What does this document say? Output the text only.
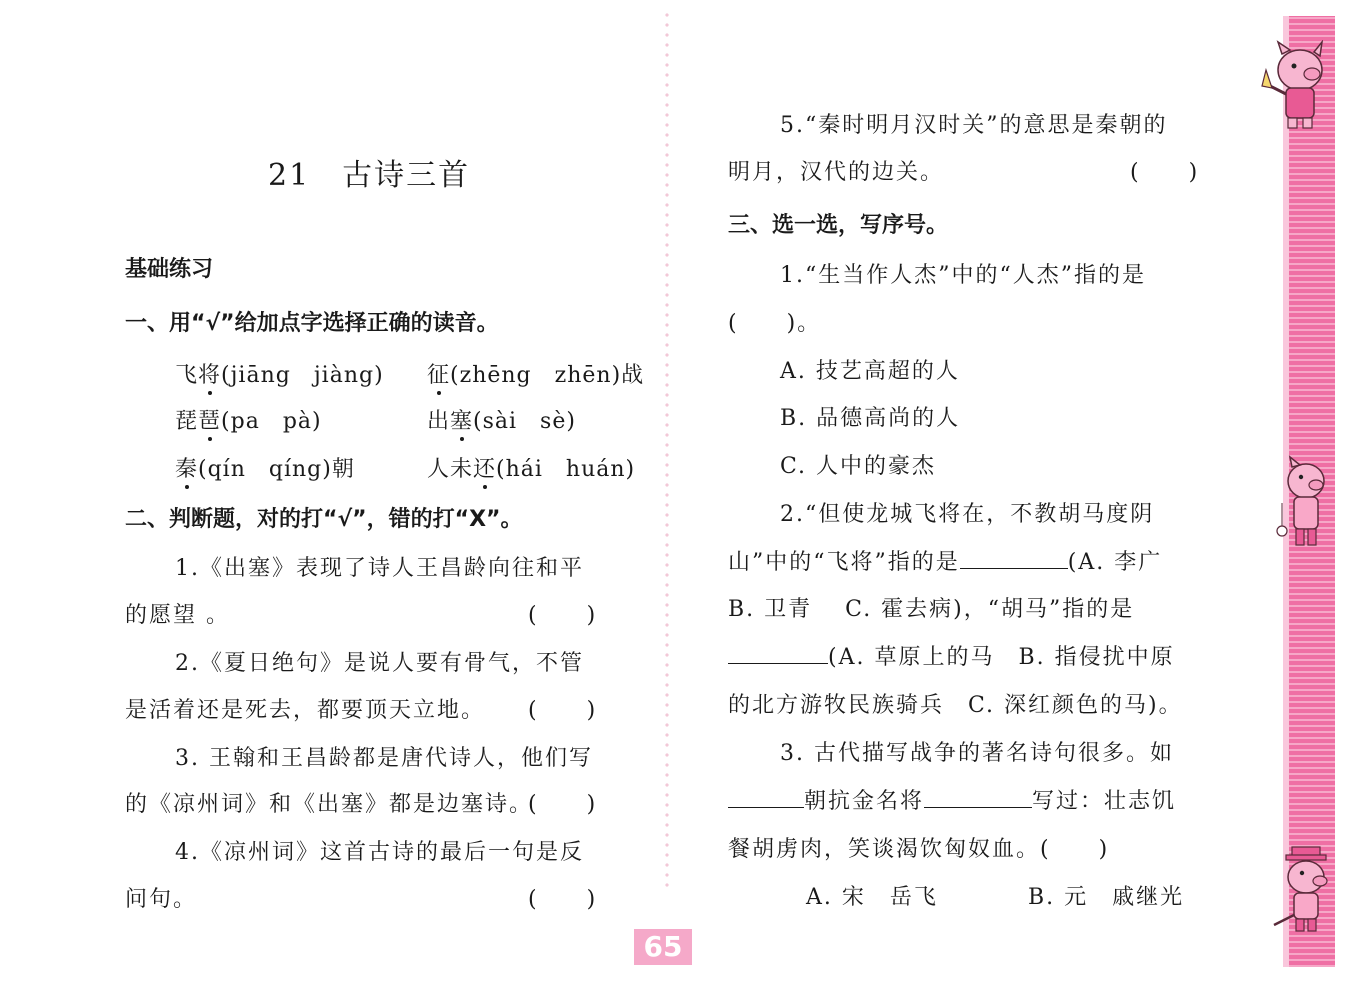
21　古诗三首
基础练习
一、用“√”给加点字选择正确的读音。
飞将(jiāng　jiàng) 征(zhēng　zhēn)战
琵琶(pa　pà)	出塞(sài　sè)
秦(qín　qíng)朝	人未还(hái　huán)
二、判断题，对的打“√”，错的打“X”。
1.《出塞》表现了诗人王昌龄向往和平
的愿望 。	(　　)
2.《夏日绝句》是说人要有骨气，不管
是活着还是死去，都要顶天立地。 (　　)
3. 王翰和王昌龄都是唐代诗人，他们写
的《凉州词》和《出塞》都是边塞诗。
(　　)
4.《凉州词》这首古诗的最后一句是反
问句。	(　　)
5.“秦时明月汉时关”的意思是秦朝的
明月，汉代的边关。	(　　)
三、选一选，写序号。
1.“生当作人杰”中的“人杰”指的是
(　　)。
A. 技艺高超的人
B. 品德高尚的人
C. 人中的豪杰
2.“但使龙城飞将在，不教胡马度阴
山”中的“飞将”指的是	(A. 李广
B. 卫青　 C. 霍去病)，“胡马”指的是
(A. 草原上的马　B. 指侵扰中原
的北方游牧民族骑兵　C. 深红颜色的马)。
3. 古代描写战争的著名诗句很多。如
朝抗金名将	写过：壮志饥
餐胡虏肉，笑谈渴饮匈奴血。(　　)
A. 宋　岳飞	B. 元　戚继光
65
